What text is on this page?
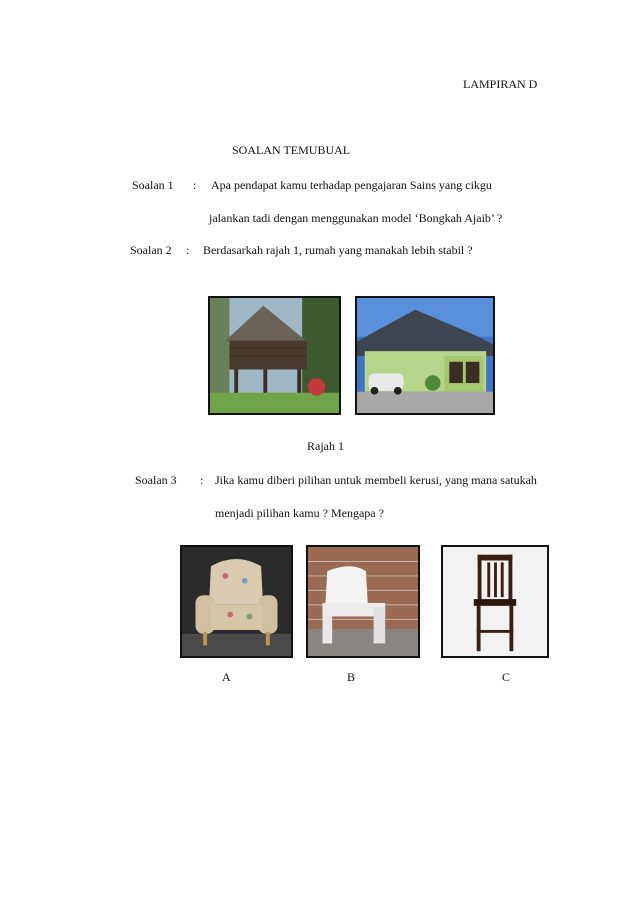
LAMPIRAN D
SOALAN TEMUBUAL
Soalan 1 : Apa pendapat kamu terhadap pengajaran Sains yang cikgu
jalankan tadi dengan menggunakan model ‘Bongkah Ajaib’ ?
Soalan 2 : Berdasarkah rajah 1, rumah yang manakah lebih stabil ?
Rajah 1
Soalan 3 : Jika kamu diberi pilihan untuk membeli kerusi, yang mana satukah
menjadi pilihan kamu ? Mengapa ?
A	B	C
